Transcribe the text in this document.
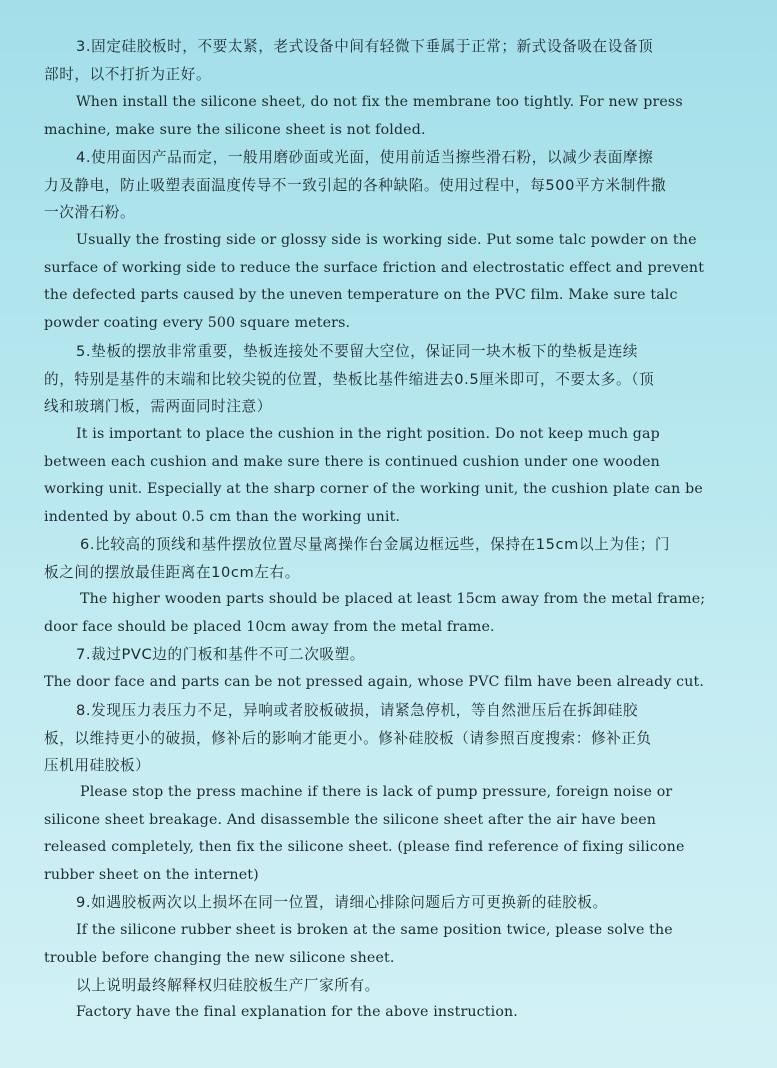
3.固定硅胶板时，不要太紧，老式设备中间有轻微下垂属于正常；新式设备吸在设备顶
部时，以不打折为正好。

When install the silicone sheet, do not fix the membrane too tightly. For new press
machine, make sure the silicone sheet is not folded.

4.使用面因产品而定，一般用磨砂面或光面，使用前适当擦些滑石粉，以减少表面摩擦
力及静电，防止吸塑表面温度传导不一致引起的各种缺陷。使用过程中，每500平方米制件撒
一次滑石粉。

Usually the frosting side or glossy side is working side. Put some talc powder on the
surface of working side to reduce the surface friction and electrostatic effect and prevent
the defected parts caused by the uneven temperature on the PVC film. Make sure talc
powder coating every 500 square meters.

5.垫板的摆放非常重要，垫板连接处不要留大空位，保证同一块木板下的垫板是连续
的，特别是基件的末端和比较尖锐的位置，垫板比基件缩进去0.5厘米即可，不要太多。（顶
线和玻璃门板，需两面同时注意）

It is important to place the cushion in the right position. Do not keep much gap
between each cushion and make sure there is continued cushion under one wooden
working unit. Especially at the sharp corner of the working unit, the cushion plate can be
indented by about 0.5 cm than the working unit.

6.比较高的顶线和基件摆放位置尽量离操作台金属边框远些，保持在15cm以上为佳；门
板之间的摆放最佳距离在10cm左右。

The higher wooden parts should be placed at least 15cm away from the metal frame;
door face should be placed 10cm away from the metal frame.

7.裁过PVC边的门板和基件不可二次吸塑。

The door face and parts can be not pressed again, whose PVC film have been already cut.

8.发现压力表压力不足，异响或者胶板破损，请紧急停机，等自然泄压后在拆卸硅胶
板，以维持更小的破损，修补后的影响才能更小。修补硅胶板（请参照百度搜索：修补正负
压机用硅胶板）

Please stop the press machine if there is lack of pump pressure, foreign noise or
silicone sheet breakage. And disassemble the silicone sheet after the air have been
released completely, then fix the silicone sheet. (please find reference of fixing silicone
rubber sheet on the internet)

9.如遇胶板两次以上损坏在同一位置，请细心排除问题后方可更换新的硅胶板。

If the silicone rubber sheet is broken at the same position twice, please solve the
trouble before changing the new silicone sheet.

以上说明最终解释权归硅胶板生产厂家所有。

Factory have the final explanation for the above instruction.
